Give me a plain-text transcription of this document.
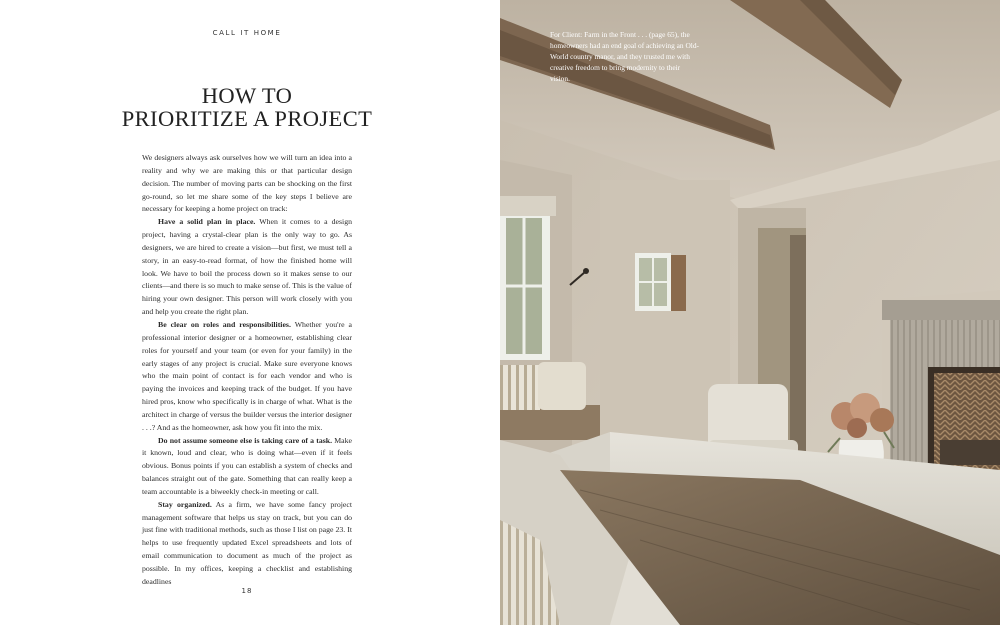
CALL IT HOME
HOW TO
PRIORITIZE A PROJECT

We designers always ask ourselves how we will turn an idea into a reality and why we are making this or that particular design decision. The number of moving parts can be shocking on the first go-round, so let me share some of the key steps I believe are necessary for keeping a home project on track:

Have a solid plan in place. When it comes to a design project, having a crystal-clear plan is the only way to go. As designers, we are hired to create a vision—but first, we must tell a story, in an easy-to-read format, of how the finished home will look. We have to boil the process down so it makes sense to our clients—and there is so much to make sense of. This is the value of hiring your own designer. This person will work closely with you and help you create the right plan.

Be clear on roles and responsibilities. Whether you're a professional interior designer or a homeowner, establishing clear roles for yourself and your team (or even for your family) in the early stages of any project is crucial. Make sure everyone knows who the main point of contact is for each vendor and who is paying the invoices and keeping track of the budget. If you have hired pros, know who specifically is in charge of what. What is the architect in charge of versus the builder versus the interior designer . . .? And as the homeowner, ask how you fit into the mix.

Do not assume someone else is taking care of a task. Make it known, loud and clear, who is doing what—even if it feels obvious. Bonus points if you can establish a system of checks and balances straight out of the gate. Something that can really keep a team accountable is a biweekly check-in meeting or call.

Stay organized. As a firm, we have some fancy project management software that helps us stay on track, but you can do just fine with traditional methods, such as those I list on page 23. It helps to use frequently updated Excel spreadsheets and lots of email communication to document as much of the project as possible. In my offices, keeping a checklist and establishing deadlines

18
For Client: Farm in the Front . . . (page 65), the homeowners had an end goal of achieving an Old-World country manor, and they trusted me with creative freedom to bring modernity to their vision.
